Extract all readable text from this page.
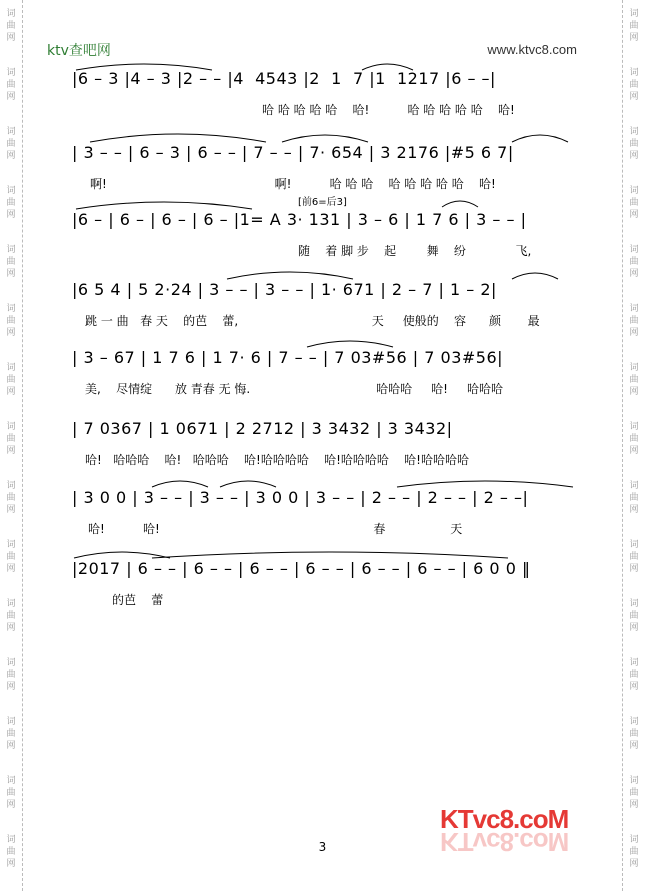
词
曲
网
词
曲
网
词
曲
网
词
曲
网
词
曲
网
词
曲
网
词
曲
网
词
曲
网
词
曲
网
词
曲
网
词
曲
网
词
曲
网
词
曲
网
词
曲
网
词
曲
网
词
曲
网
词
曲
网
词
曲
网
词
曲
网
词
曲
网
词
曲
网
词
曲
网
词
曲
网
词
曲
网
词
曲
网
词
曲
网
词
曲
网
词
曲
网
词
曲
网
词
曲
网
ktv查吧网	www.ktvc8.com
|6 – 3 |4 – 3 |2 – – |4  4543 |2  1  7 |1  1217 |6 – –|
哈 哈 哈 哈 哈    哈!          哈 哈 哈 哈 哈    哈!
| 3 – – | 6 – 3 | 6 – – | 7 – – | 7· 654 | 3 2176 |#5 6 7|
啊!                                            啊!          哈 哈 哈    哈 哈 哈 哈 哈    哈!
[前6=后3]
|6 – | 6 – | 6 – | 6 – |1= A 3· 131 | 3 – 6 | 1 7 6 | 3 – – |
随    着 脚 步    起        舞    纷             飞,
|6 5 4 | 5 2·24 | 3 – – | 3 – – | 1· 671 | 2 – 7 | 1 – 2|
跳 一 曲   春 天    的芭    蕾,                                   天     使般的    容      颜       最
| 3 – 67 | 1 7 6 | 1 7· 6 | 7 – – | 7 03#56 | 7 03#56|
美,    尽情绽      放 青春 无 悔.                                 哈哈哈     哈!     哈哈哈
| 7 0367 | 1 0671 | 2 2712 | 3 3432 | 3 3432|
哈!   哈哈哈    哈!   哈哈哈    哈!哈哈哈哈    哈!哈哈哈哈    哈!哈哈哈哈
| 3 0 0 | 3 – – | 3 – – | 3 0 0 | 3 – – | 2 – – | 2 – – | 2 – –|
哈!          哈!                                                        春                 天
|2017 | 6 – – | 6 – – | 6 – – | 6 – – | 6 – – | 6 – – | 6 0 0 ‖
的芭    蕾
3
KTvc8.coM
KTvc8.coM
